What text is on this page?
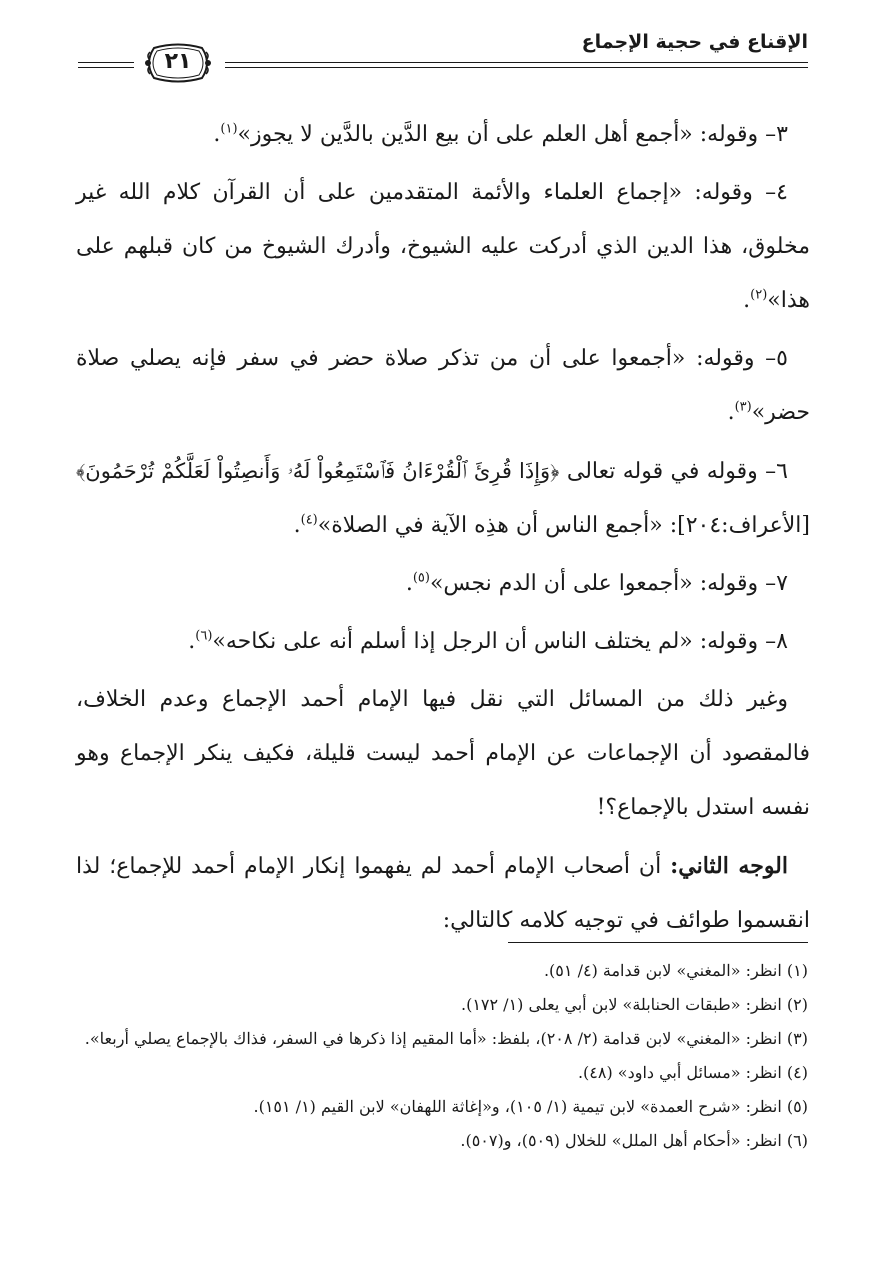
الإقناع في حجية الإجماع
٢١

٣– وقوله: «أجمع أهل العلم على أن بيع الدَّين بالدَّين لا يجوز»$^{(١)}$.

٤– وقوله: «إجماع العلماء والأئمة المتقدمين على أن القرآن كلام الله غير مخلوق، هذا الدين الذي أدركت عليه الشيوخ، وأدرك الشيوخ من كان قبلهم على هذا»$^{(٢)}$.

٥– وقوله: «أجمعوا على أن من تذكر صلاة حضر في سفر فإنه يصلي صلاة حضر»$^{(٣)}$.

٦– وقوله في قوله تعالى ﴿وَإِذَا قُرِئَ ٱلْقُرْءَانُ فَٱسْتَمِعُواْ لَهُۥ وَأَنصِتُواْ لَعَلَّكُمْ تُرْحَمُونَ﴾ [الأعراف:٢٠٤]: «أجمع الناس أن هذِه الآية في الصلاة»$^{(٤)}$.

٧– وقوله: «أجمعوا على أن الدم نجس»$^{(٥)}$.

٨– وقوله: «لم يختلف الناس أن الرجل إذا أسلم أنه على نكاحه»$^{(٦)}$.

وغير ذلك من المسائل التي نقل فيها الإمام أحمد الإجماع وعدم الخلاف، فالمقصود أن الإجماعات عن الإمام أحمد ليست قليلة، فكيف ينكر الإجماع وهو نفسه استدل بالإجماع؟!

الوجه الثاني: أن أصحاب الإمام أحمد لم يفهموا إنكار الإمام أحمد للإجماع؛ لذا انقسموا طوائف في توجيه كلامه كالتالي:

(١) انظر: «المغني» لابن قدامة (٤/ ٥١).

(٢) انظر: «طبقات الحنابلة» لابن أبي يعلى (١/ ١٧٢).

(٣) انظر: «المغني» لابن قدامة (٢/ ٢٠٨)، بلفظ: «أما المقيم إذا ذكرها في السفر، فذاك بالإجماع يصلي أربعا».

(٤) انظر: «مسائل أبي داود» (٤٨).

(٥) انظر: «شرح العمدة» لابن تيمية (١/ ١٠٥)، و«إغاثة اللهفان» لابن القيم (١/ ١٥١).

(٦) انظر: «أحكام أهل الملل» للخلال (٥٠٩)، و(٥٠٧).
